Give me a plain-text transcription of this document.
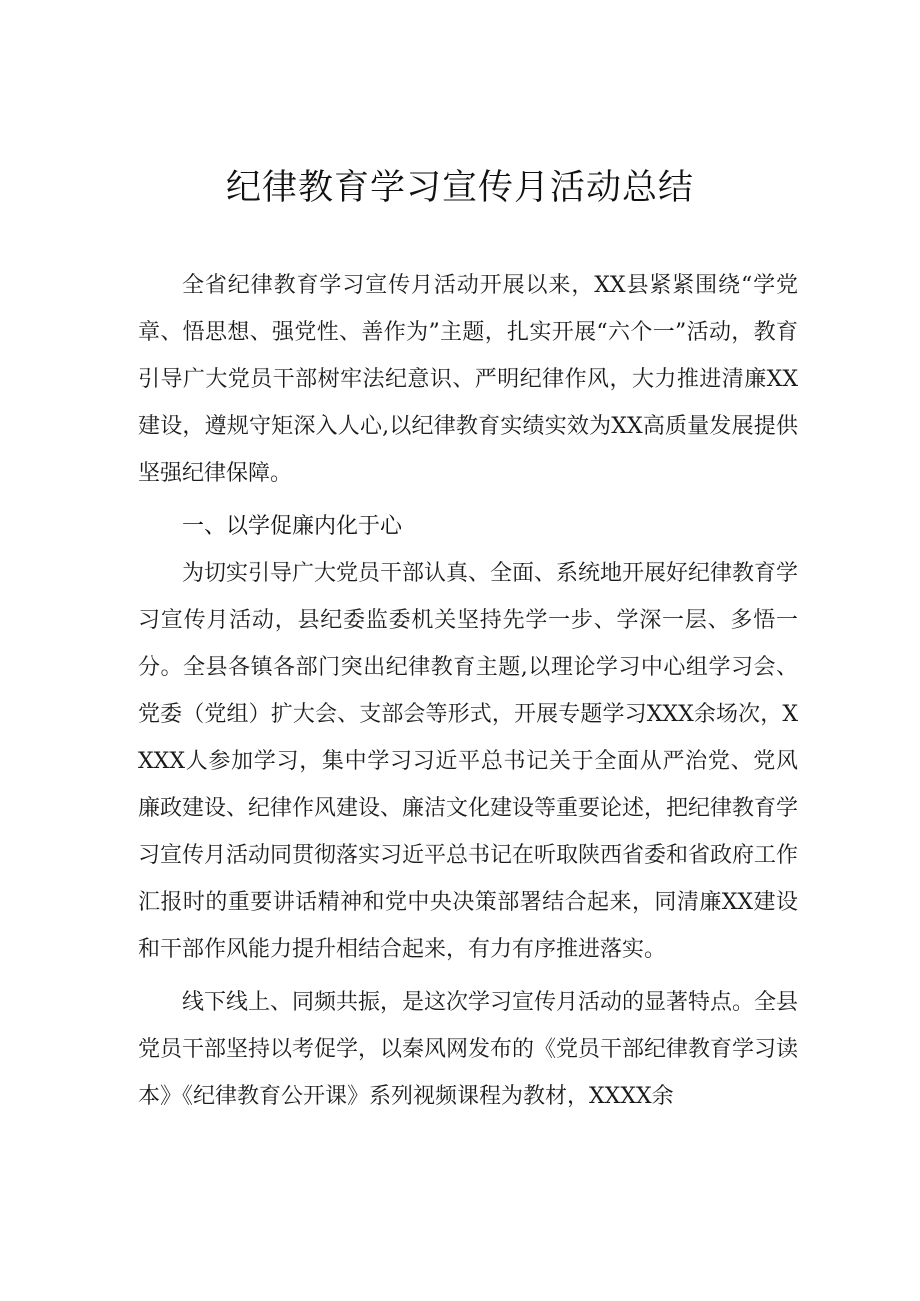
纪律教育学习宣传月活动总结

全省纪律教育学习宣传月活动开展以来，XX县紧紧围绕“学党章、悟思想、强党性、善作为”主题，扎实开展“六个一”活动，教育引导广大党员干部树牢法纪意识、严明纪律作风，大力推进清廉XX建设，遵规守矩深入人心,以纪律教育实绩实效为XX高质量发展提供坚强纪律保障。

一、以学促廉内化于心

为切实引导广大党员干部认真、全面、系统地开展好纪律教育学习宣传月活动，县纪委监委机关坚持先学一步、学深一层、多悟一分。全县各镇各部门突出纪律教育主题,以理论学习中心组学习会、党委（党组）扩大会、支部会等形式，开展专题学习XXX余场次，XXXX人参加学习，集中学习习近平总书记关于全面从严治党、党风廉政建设、纪律作风建设、廉洁文化建设等重要论述，把纪律教育学习宣传月活动同贯彻落实习近平总书记在听取陕西省委和省政府工作汇报时的重要讲话精神和党中央决策部署结合起来，同清廉XX建设和干部作风能力提升相结合起来，有力有序推进落实。

线下线上、同频共振，是这次学习宣传月活动的显著特点。全县党员干部坚持以考促学，以秦风网发布的《党员干部纪律教育学习读本》《纪律教育公开课》系列视频课程为教材，XXXX余
